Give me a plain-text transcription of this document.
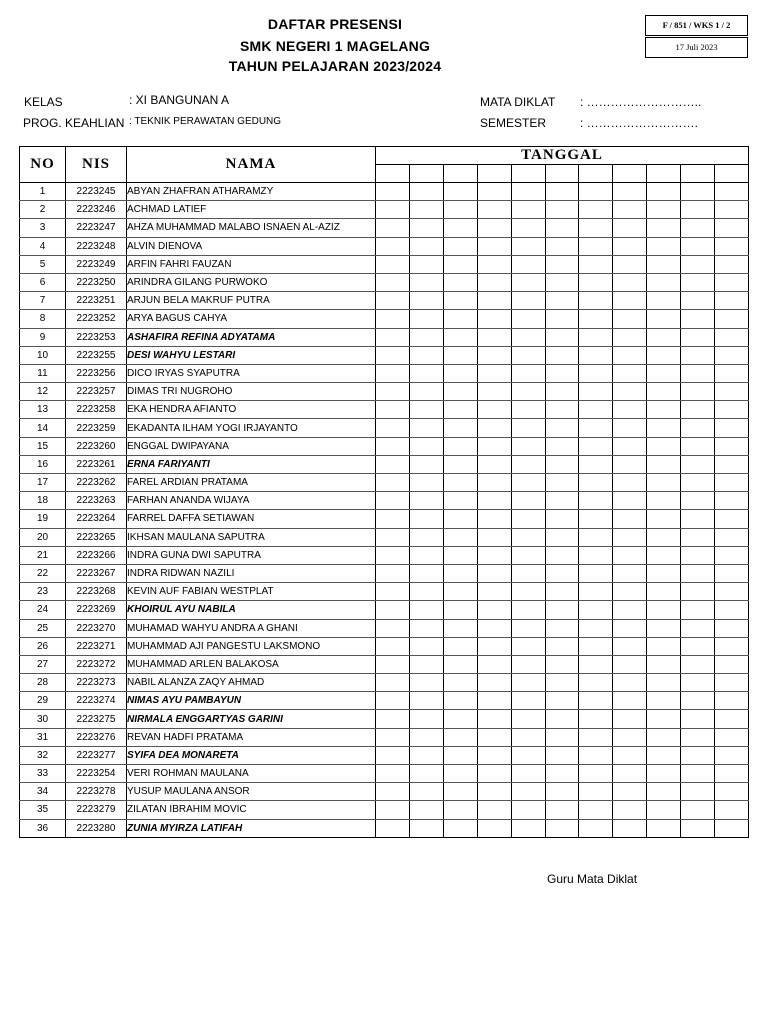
DAFTAR PRESENSI
SMK NEGERI 1 MAGELANG
TAHUN PELAJARAN 2023/2024
F / 851 / WKS 1 / 2
17 Juli 2023
KELAS	: XI BANGUNAN A
PROG. KEAHLIAN : TEKNIK PERAWATAN GEDUNG
MATA DIKLAT : ………………………..
SEMESTER	: ……………………….
NO	NIS	NAMA	TANGGAL										

1	2223245	ABYAN ZHAFRAN ATHARAMZY											
2	2223246	ACHMAD LATIEF											
3	2223247	AHZA MUHAMMAD MALABO ISNAEN AL-AZIZ											
4	2223248	ALVIN DIENOVA											
5	2223249	ARFIN FAHRI FAUZAN											
6	2223250	ARINDRA GILANG PURWOKO											
7	2223251	ARJUN BELA MAKRUF PUTRA											
8	2223252	ARYA BAGUS CAHYA											
9	2223253	ASHAFIRA REFINA ADYATAMA											
10	2223255	DESI WAHYU LESTARI											
11	2223256	DICO IRYAS SYAPUTRA											
12	2223257	DIMAS TRI NUGROHO											
13	2223258	EKA HENDRA AFIANTO											
14	2223259	EKADANTA ILHAM YOGI IRJAYANTO											
15	2223260	ENGGAL DWIPAYANA											
16	2223261	ERNA FARIYANTI											
17	2223262	FAREL ARDIAN PRATAMA											
18	2223263	FARHAN ANANDA WIJAYA											
19	2223264	FARREL DAFFA SETIAWAN											
20	2223265	IKHSAN MAULANA SAPUTRA											
21	2223266	INDRA GUNA DWI SAPUTRA											
22	2223267	INDRA RIDWAN NAZILI											
23	2223268	KEVIN AUF FABIAN WESTPLAT											
24	2223269	KHOIRUL AYU NABILA											
25	2223270	MUHAMAD WAHYU ANDRA A GHANI											
26	2223271	MUHAMMAD AJI PANGESTU LAKSMONO											
27	2223272	MUHAMMAD ARLEN BALAKOSA											
28	2223273	NABIL ALANZA ZAQY AHMAD											
29	2223274	NIMAS AYU PAMBAYUN											
30	2223275	NIRMALA ENGGARTYAS GARINI											
31	2223276	REVAN HADFI PRATAMA											
32	2223277	SYIFA DEA MONARETA											
33	2223254	VERI ROHMAN MAULANA											
34	2223278	YUSUP MAULANA ANSOR											
35	2223279	ZILATAN IBRAHIM MOVIC											
36	2223280	ZUNIA MYIRZA LATIFAH											
Guru Mata Diklat
